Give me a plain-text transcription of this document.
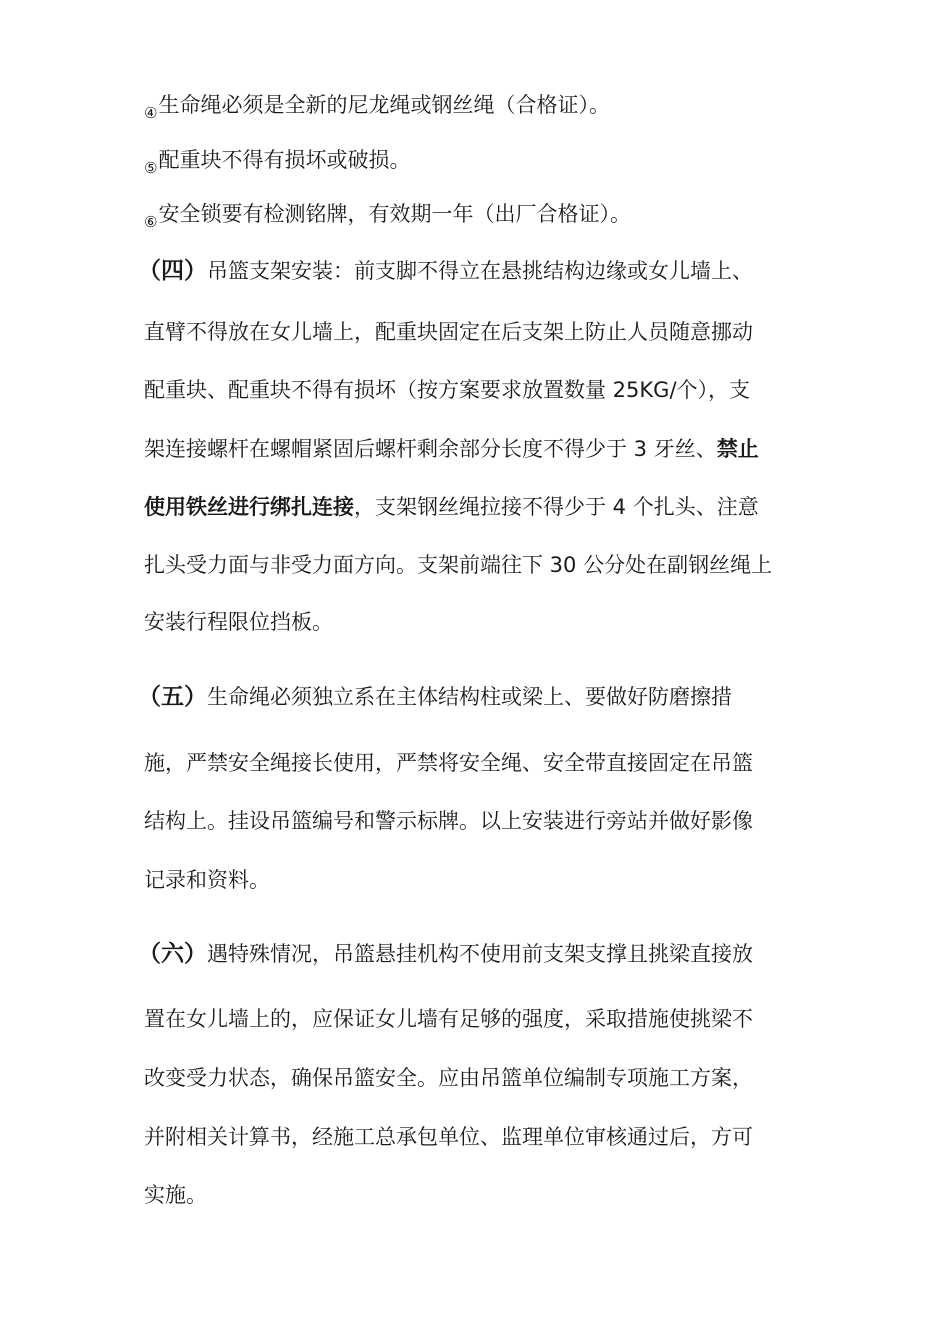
④生命绳必须是全新的尼龙绳或钢丝绳（合格证）。
⑤配重块不得有损坏或破损。
⑥安全锁要有检测铭牌，有效期一年（出厂合格证）。
（四）吊篮支架安装：前支脚不得立在悬挑结构边缘或女儿墙上、
直臂不得放在女儿墙上，配重块固定在后支架上防止人员随意挪动
配重块、配重块不得有损坏（按方案要求放置数量 25KG/个），支
架连接螺杆在螺帽紧固后螺杆剩余部分长度不得少于 3 牙丝、禁止
使用铁丝进行绑扎连接，支架钢丝绳拉接不得少于 4 个扎头、注意
扎头受力面与非受力面方向。支架前端往下 30 公分处在副钢丝绳上
安装行程限位挡板。
（五）生命绳必须独立系在主体结构柱或梁上、要做好防磨擦措
施，严禁安全绳接长使用，严禁将安全绳、安全带直接固定在吊篮
结构上。挂设吊篮编号和警示标牌。以上安装进行旁站并做好影像
记录和资料。
（六）遇特殊情况，吊篮悬挂机构不使用前支架支撑且挑梁直接放
置在女儿墙上的，应保证女儿墙有足够的强度，采取措施使挑梁不
改变受力状态，确保吊篮安全。应由吊篮单位编制专项施工方案，
并附相关计算书，经施工总承包单位、监理单位审核通过后，方可
实施。
